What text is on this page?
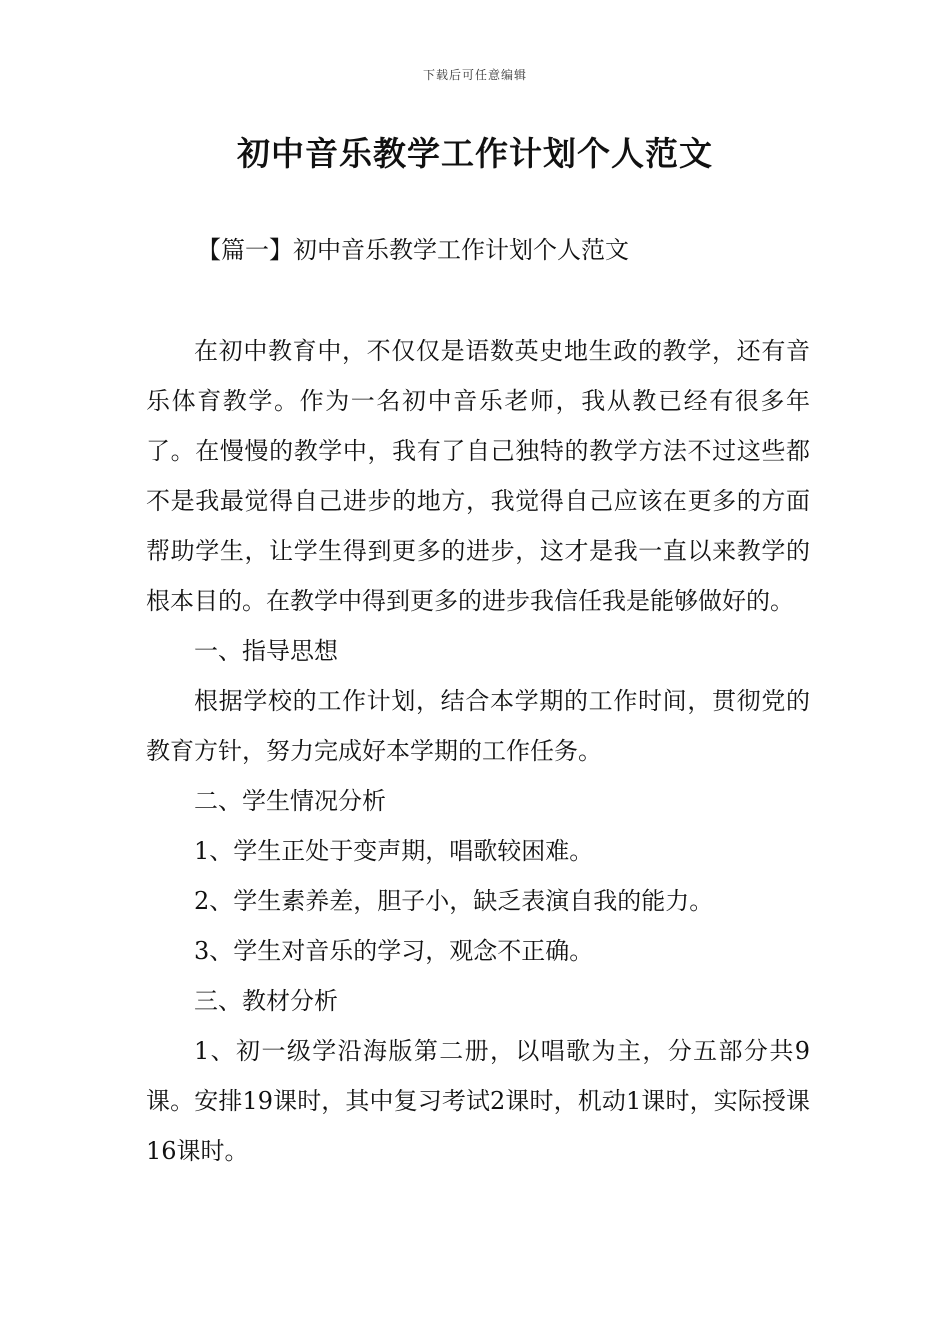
下载后可任意编辑
初中音乐教学工作计划个人范文
【篇一】初中音乐教学工作计划个人范文

在初中教育中，不仅仅是语数英史地生政的教学，还有音乐体育教学。作为一名初中音乐老师，我从教已经有很多年了。在慢慢的教学中，我有了自己独特的教学方法不过这些都不是我最觉得自己进步的地方，我觉得自己应该在更多的方面帮助学生，让学生得到更多的进步，这才是我一直以来教学的根本目的。在教学中得到更多的进步我信任我是能够做好的。

一、指导思想

根据学校的工作计划，结合本学期的工作时间，贯彻党的教育方针，努力完成好本学期的工作任务。

二、学生情况分析

1、学生正处于变声期，唱歌较困难。

2、学生素养差，胆子小，缺乏表演自我的能力。

3、学生对音乐的学习，观念不正确。

三、教材分析

1、初一级学沿海版第二册，以唱歌为主，分五部分共9课。安排19课时，其中复习考试2课时，机动1课时，实际授课16课时。
